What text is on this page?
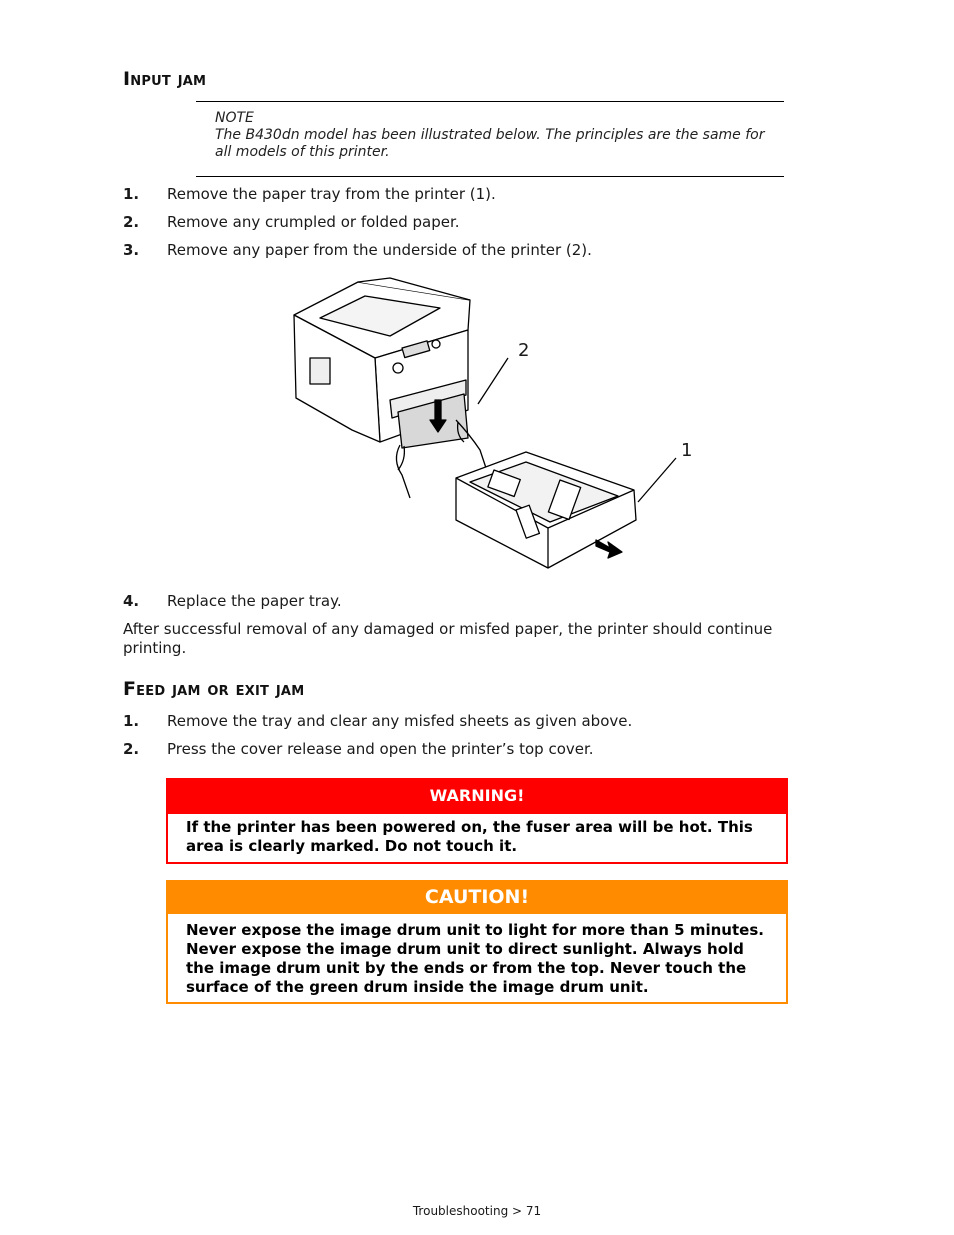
Input jam
NOTE
The B430dn model has been illustrated below. The principles are the same for
all models of this printer.
1. Remove the paper tray from the printer (1).
2. Remove any crumpled or folded paper.
3. Remove any paper from the underside of the printer (2).
2
1
4. Replace the paper tray.
After successful removal of any damaged or misfed paper, the printer should continue
printing.
Feed jam or exit jam
1. Remove the tray and clear any misfed sheets as given above.
2. Press the cover release and open the printer’s top cover.
WARNING!
If the printer has been powered on, the fuser area will be hot. This
area is clearly marked. Do not touch it.
CAUTION!
Never expose the image drum unit to light for more than 5 minutes.
Never expose the image drum unit to direct sunlight. Always hold
the image drum unit by the ends or from the top. Never touch the
surface of the green drum inside the image drum unit.
Troubleshooting > 71
